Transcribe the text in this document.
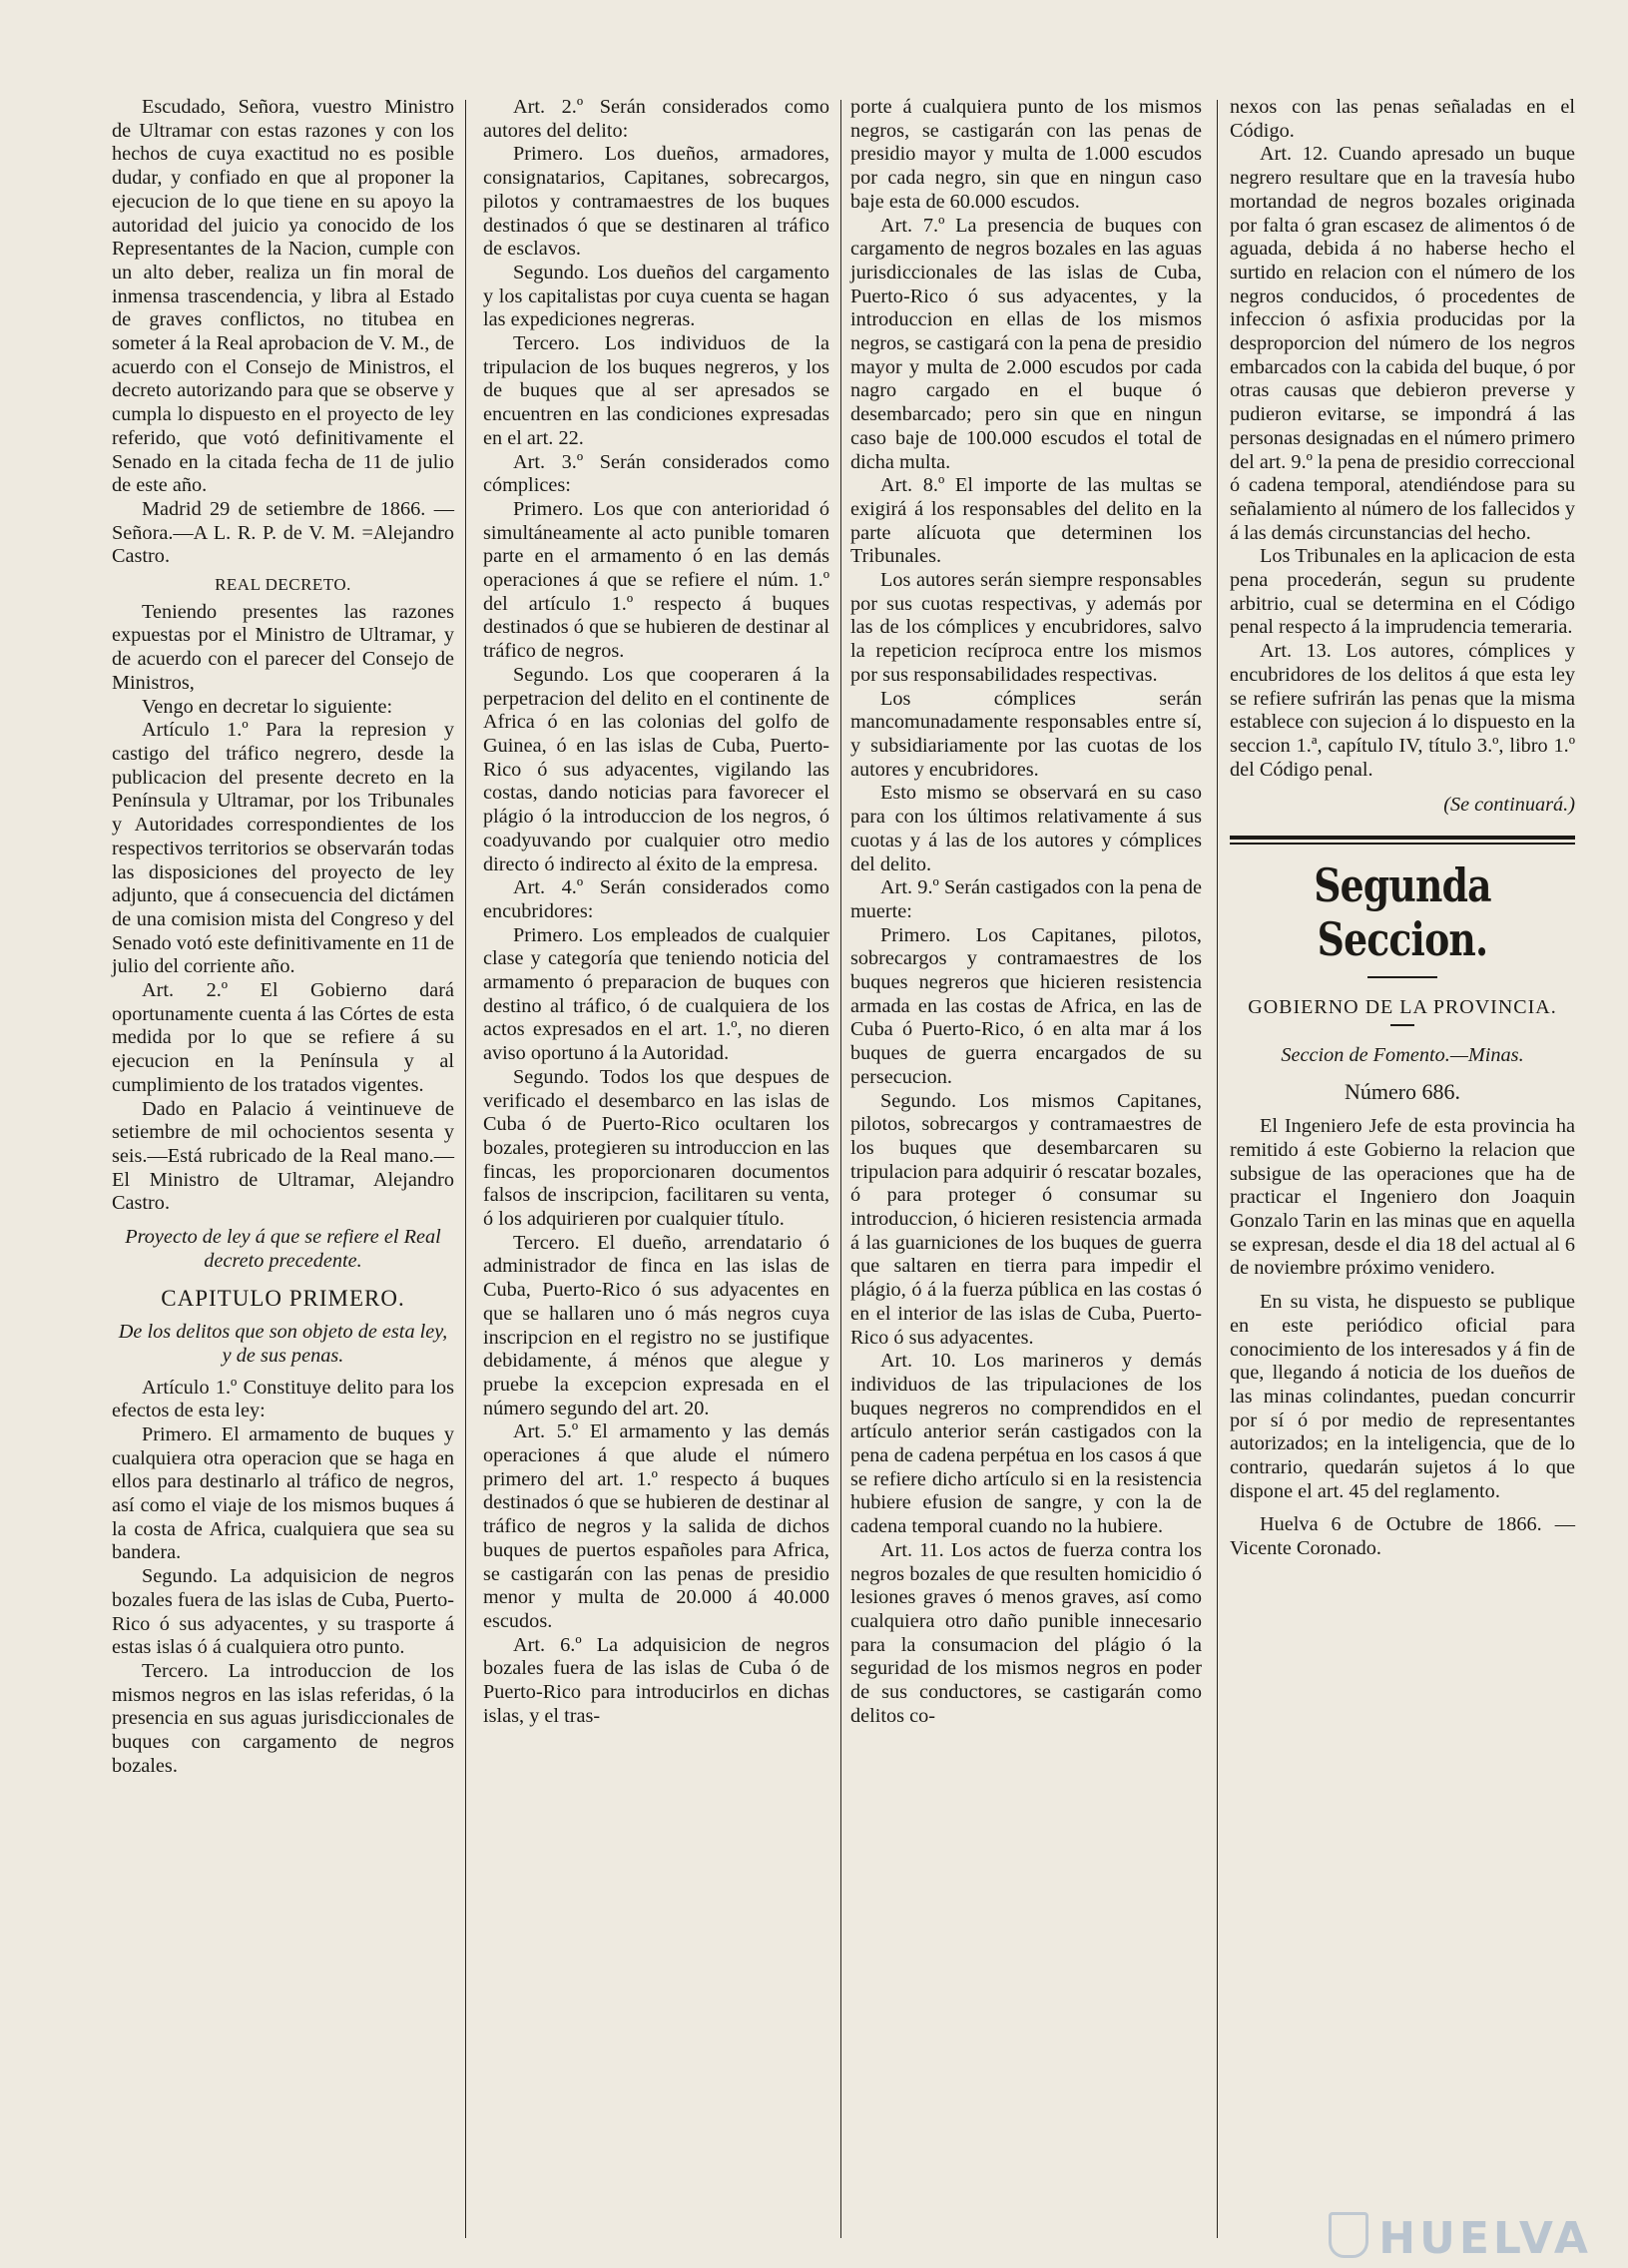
Escudado, Señora, vuestro Ministro de Ultramar con estas razones y con los hechos de cuya exactitud no es posible dudar, y confiado en que al proponer la ejecucion de lo que tiene en su apoyo la autoridad del juicio ya conocido de los Representantes de la Nacion, cumple con un alto deber, realiza un fin moral de inmensa trascendencia, y libra al Estado de graves conflictos, no titubea en someter á la Real aprobacion de V. M., de acuerdo con el Consejo de Ministros, el decreto autorizando para que se observe y cumpla lo dispuesto en el proyecto de ley referido, que votó definitivamente el Senado en la citada fecha de 11 de julio de este año.

Madrid 29 de setiembre de 1866. —Señora.—A L. R. P. de V. M. =Alejandro Castro.

REAL DECRETO.

Teniendo presentes las razones expuestas por el Ministro de Ultramar, y de acuerdo con el parecer del Consejo de Ministros,

Vengo en decretar lo siguiente:

Artículo 1.º Para la represion y castigo del tráfico negrero, desde la publicacion del presente decreto en la Península y Ultramar, por los Tribunales y Autoridades correspondientes de los respectivos territorios se observarán todas las disposiciones del proyecto de ley adjunto, que á consecuencia del dictámen de una comision mista del Congreso y del Senado votó este definitivamente en 11 de julio del corriente año.

Art. 2.º El Gobierno dará oportunamente cuenta á las Córtes de esta medida por lo que se refiere á su ejecucion en la Península y al cumplimiento de los tratados vigentes.

Dado en Palacio á veintinueve de setiembre de mil ochocientos sesenta y seis.—Está rubricado de la Real mano.—El Ministro de Ultramar, Alejandro Castro.

Proyecto de ley á que se refiere el Real decreto precedente.

CAPITULO PRIMERO.

De los delitos que son objeto de esta ley, y de sus penas.

Artículo 1.º Constituye delito para los efectos de esta ley:

Primero. El armamento de buques y cualquiera otra operacion que se haga en ellos para destinarlo al tráfico de negros, así como el viaje de los mismos buques á la costa de Africa, cualquiera que sea su bandera.

Segundo. La adquisicion de negros bozales fuera de las islas de Cuba, Puerto-Rico ó sus adyacentes, y su trasporte á estas islas ó á cualquiera otro punto.

Tercero. La introduccion de los mismos negros en las islas referidas, ó la presencia en sus aguas jurisdiccionales de buques con cargamento de negros bozales.

Art. 2.º Serán considerados como autores del delito:

Primero. Los dueños, armadores, consignatarios, Capitanes, sobrecargos, pilotos y contramaestres de los buques destinados ó que se destinaren al tráfico de esclavos.

Segundo. Los dueños del cargamento y los capitalistas por cuya cuenta se hagan las expediciones negreras.

Tercero. Los individuos de la tripulacion de los buques negreros, y los de buques que al ser apresados se encuentren en las condiciones expresadas en el art. 22.

Art. 3.º Serán considerados como cómplices:

Primero. Los que con anterioridad ó simultáneamente al acto punible tomaren parte en el armamento ó en las demás operaciones á que se refiere el núm. 1.º del artículo 1.º respecto á buques destinados ó que se hubieren de destinar al tráfico de negros.

Segundo. Los que cooperaren á la perpetracion del delito en el continente de Africa ó en las colonias del golfo de Guinea, ó en las islas de Cuba, Puerto-Rico ó sus adyacentes, vigilando las costas, dando noticias para favorecer el plágio ó la introduccion de los negros, ó coadyuvando por cualquier otro medio directo ó indirecto al éxito de la empresa.

Art. 4.º Serán considerados como encubridores:

Primero. Los empleados de cualquier clase y categoría que teniendo noticia del armamento ó preparacion de buques con destino al tráfico, ó de cualquiera de los actos expresados en el art. 1.º, no dieren aviso oportuno á la Autoridad.

Segundo. Todos los que despues de verificado el desembarco en las islas de Cuba ó de Puerto-Rico ocultaren los bozales, protegieren su introduccion en las fincas, les proporcionaren documentos falsos de inscripcion, facilitaren su venta, ó los adquirieren por cualquier título.

Tercero. El dueño, arrendatario ó administrador de finca en las islas de Cuba, Puerto-Rico ó sus adyacentes en que se hallaren uno ó más negros cuya inscripcion en el registro no se justifique debidamente, á ménos que alegue y pruebe la excepcion expresada en el número segundo del art. 20.

Art. 5.º El armamento y las demás operaciones á que alude el número primero del art. 1.º respecto á buques destinados ó que se hubieren de destinar al tráfico de negros y la salida de dichos buques de puertos españoles para Africa, se castigarán con las penas de presidio menor y multa de 20.000 á 40.000 escudos.

Art. 6.º La adquisicion de negros bozales fuera de las islas de Cuba ó de Puerto-Rico para introducirlos en dichas islas, y el tras-

porte á cualquiera punto de los mismos negros, se castigarán con las penas de presidio mayor y multa de 1.000 escudos por cada negro, sin que en ningun caso baje esta de 60.000 escudos.

Art. 7.º La presencia de buques con cargamento de negros bozales en las aguas jurisdiccionales de las islas de Cuba, Puerto-Rico ó sus adyacentes, y la introduccion en ellas de los mismos negros, se castigará con la pena de presidio mayor y multa de 2.000 escudos por cada nagro cargado en el buque ó desembarcado; pero sin que en ningun caso baje de 100.000 escudos el total de dicha multa.

Art. 8.º El importe de las multas se exigirá á los responsables del delito en la parte alícuota que determinen los Tribunales.

Los autores serán siempre responsables por sus cuotas respectivas, y además por las de los cómplices y encubridores, salvo la repeticion recíproca entre los mismos por sus responsabilidades respectivas.

Los cómplices serán mancomunadamente responsables entre sí, y subsidiariamente por las cuotas de los autores y encubridores.

Esto mismo se observará en su caso para con los últimos relativamente á sus cuotas y á las de los autores y cómplices del delito.

Art. 9.º Serán castigados con la pena de muerte:

Primero. Los Capitanes, pilotos, sobrecargos y contramaestres de los buques negreros que hicieren resistencia armada en las costas de Africa, en las de Cuba ó Puerto-Rico, ó en alta mar á los buques de guerra encargados de su persecucion.

Segundo. Los mismos Capitanes, pilotos, sobrecargos y contramaestres de los buques que desembarcaren su tripulacion para adquirir ó rescatar bozales, ó para proteger ó consumar su introduccion, ó hicieren resistencia armada á las guarniciones de los buques de guerra que saltaren en tierra para impedir el plágio, ó á la fuerza pública en las costas ó en el interior de las islas de Cuba, Puerto-Rico ó sus adyacentes.

Art. 10. Los marineros y demás individuos de las tripulaciones de los buques negreros no comprendidos en el artículo anterior serán castigados con la pena de cadena perpétua en los casos á que se refiere dicho artículo si en la resistencia hubiere efusion de sangre, y con la de cadena temporal cuando no la hubiere.

Art. 11. Los actos de fuerza contra los negros bozales de que resulten homicidio ó lesiones graves ó menos graves, así como cualquiera otro daño punible innecesario para la consumacion del plágio ó la seguridad de los mismos negros en poder de sus conductores, se castigarán como delitos co-

nexos con las penas señaladas en el Código.

Art. 12. Cuando apresado un buque negrero resultare que en la travesía hubo mortandad de negros bozales originada por falta ó gran escasez de alimentos ó de aguada, debida á no haberse hecho el surtido en relacion con el número de los negros conducidos, ó procedentes de infeccion ó asfixia producidas por la desproporcion del número de los negros embarcados con la cabida del buque, ó por otras causas que debieron preverse y pudieron evitarse, se impondrá á las personas designadas en el número primero del art. 9.º la pena de presidio correccional ó cadena temporal, atendiéndose para su señalamiento al número de los fallecidos y á las demás circunstancias del hecho.

Los Tribunales en la aplicacion de esta pena procederán, segun su prudente arbitrio, cual se determina en el Código penal respecto á la imprudencia temeraria.

Art. 13. Los autores, cómplices y encubridores de los delitos á que esta ley se refiere sufrirán las penas que la misma establece con sujecion á lo dispuesto en la seccion 1.ª, capítulo IV, título 3.º, libro 1.º del Código penal.

(Se continuará.)

Segunda Seccion.

GOBIERNO DE LA PROVINCIA.

Seccion de Fomento.—Minas.

Número 686.

El Ingeniero Jefe de esta provincia ha remitido á este Gobierno la relacion que subsigue de las operaciones que ha de practicar el Ingeniero don Joaquin Gonzalo Tarin en las minas que en aquella se expresan, desde el dia 18 del actual al 6 de noviembre próximo venidero.

En su vista, he dispuesto se publique en este periódico oficial para conocimiento de los interesados y á fin de que, llegando á noticia de los dueños de las minas colindantes, puedan concurrir por sí ó por medio de representantes autorizados; en la inteligencia, que de lo contrario, quedarán sujetos á lo que dispone el art. 45 del reglamento.

Huelva 6 de Octubre de 1866. —Vicente Coronado.

HUELVA
